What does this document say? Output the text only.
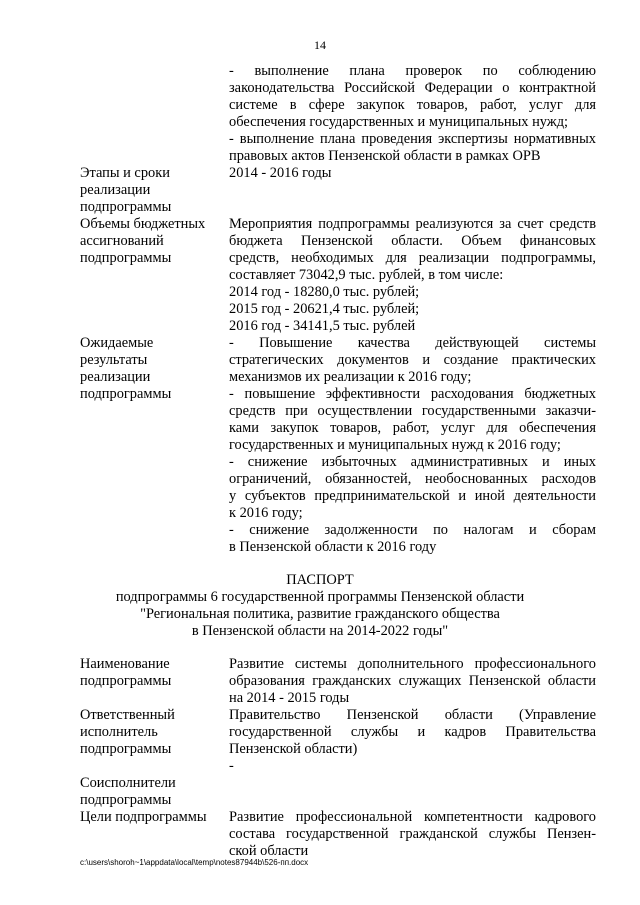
14
- выполнение плана проверок по соблюдению
законодательства Российской Федерации о контрактной
системе в сфере закупок товаров, работ, услуг для
обеспечения государственных и муниципальных нужд;
- выполнение плана проведения экспертизы нормативных
правовых актов Пензенской области в рамках ОРВ
Этапы и сроки
реализации
подпрограммы
2014 - 2016 годы
Объемы бюджетных
ассигнований
подпрограммы
Мероприятия подпрограммы реализуются за счет средств
бюджета Пензенской области. Объем финансовых
средств, необходимых для реализации подпрограммы,
составляет 73042,9 тыс. рублей, в том числе:
2014 год - 18280,0 тыс. рублей;
2015 год - 20621,4 тыс. рублей;
2016 год - 34141,5 тыс. рублей
Ожидаемые
результаты
реализации
подпрограммы
- Повышение качества действующей системы
стратегических документов и создание практических
механизмов их реализации к 2016 году;
- повышение эффективности расходования бюджетных
средств при осуществлении государственными заказчи-
ками закупок товаров, работ, услуг для обеспечения
государственных и муниципальных нужд к 2016 году;
- снижение избыточных административных и иных
ограничений, обязанностей, необоснованных расходов
у субъектов предпринимательской и иной деятельности
к 2016 году;
- снижение задолженности по налогам и сборам
в Пензенской области к 2016 году
ПАСПОРТ
подпрограммы 6 государственной программы Пензенской области
"Региональная политика, развитие гражданского общества
в Пензенской области на 2014-2022 годы"
Наименование
подпрограммы
Развитие системы дополнительного профессионального
образования гражданских служащих Пензенской области
на 2014 - 2015 годы
Ответственный
исполнитель
подпрограммы
Правительство Пензенской области (Управление
государственной службы и кадров Правительства
Пензенской области)
Соисполнители
подпрограммы
-
Цели подпрограммы Развитие профессиональной компетентности кадрового
состава государственной гражданской службы Пензен-
ской области
c:\users\shoroh~1\appdata\local\temp\notes87944b\526-пп.docx
